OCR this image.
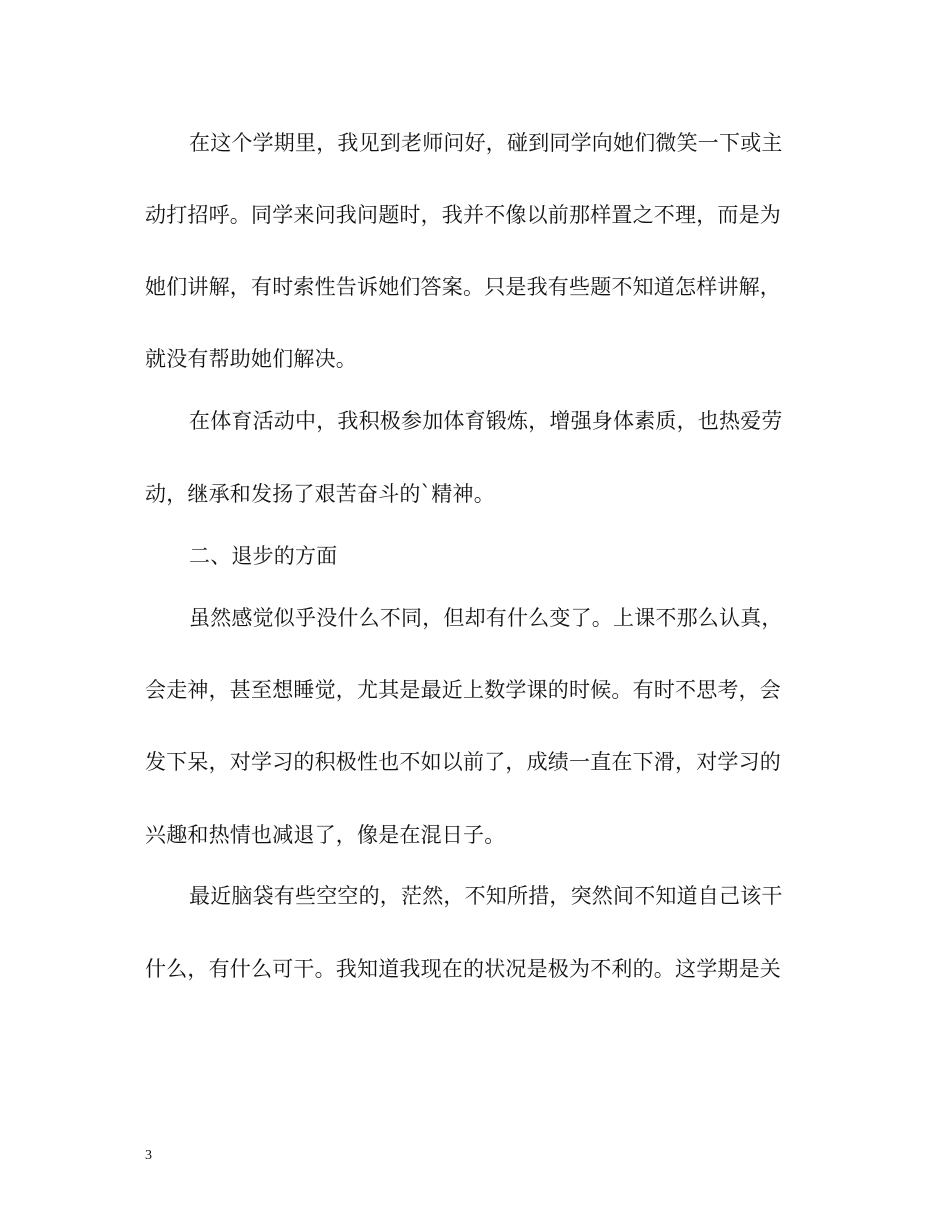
在这个学期里，我见到老师问好，碰到同学向她们微笑一下或主
动打招呼。同学来问我问题时，我并不像以前那样置之不理，而是为
她们讲解，有时索性告诉她们答案。只是我有些题不知道怎样讲解，
就没有帮助她们解决。
在体育活动中，我积极参加体育锻炼，增强身体素质，也热爱劳
动，继承和发扬了艰苦奋斗的`精神。
二、退步的方面
虽然感觉似乎没什么不同，但却有什么变了。上课不那么认真，
会走神，甚至想睡觉，尤其是最近上数学课的时候。有时不思考，会
发下呆，对学习的积极性也不如以前了，成绩一直在下滑，对学习的
兴趣和热情也减退了，像是在混日子。
最近脑袋有些空空的，茫然，不知所措，突然间不知道自己该干
什么，有什么可干。我知道我现在的状况是极为不利的。这学期是关
3
